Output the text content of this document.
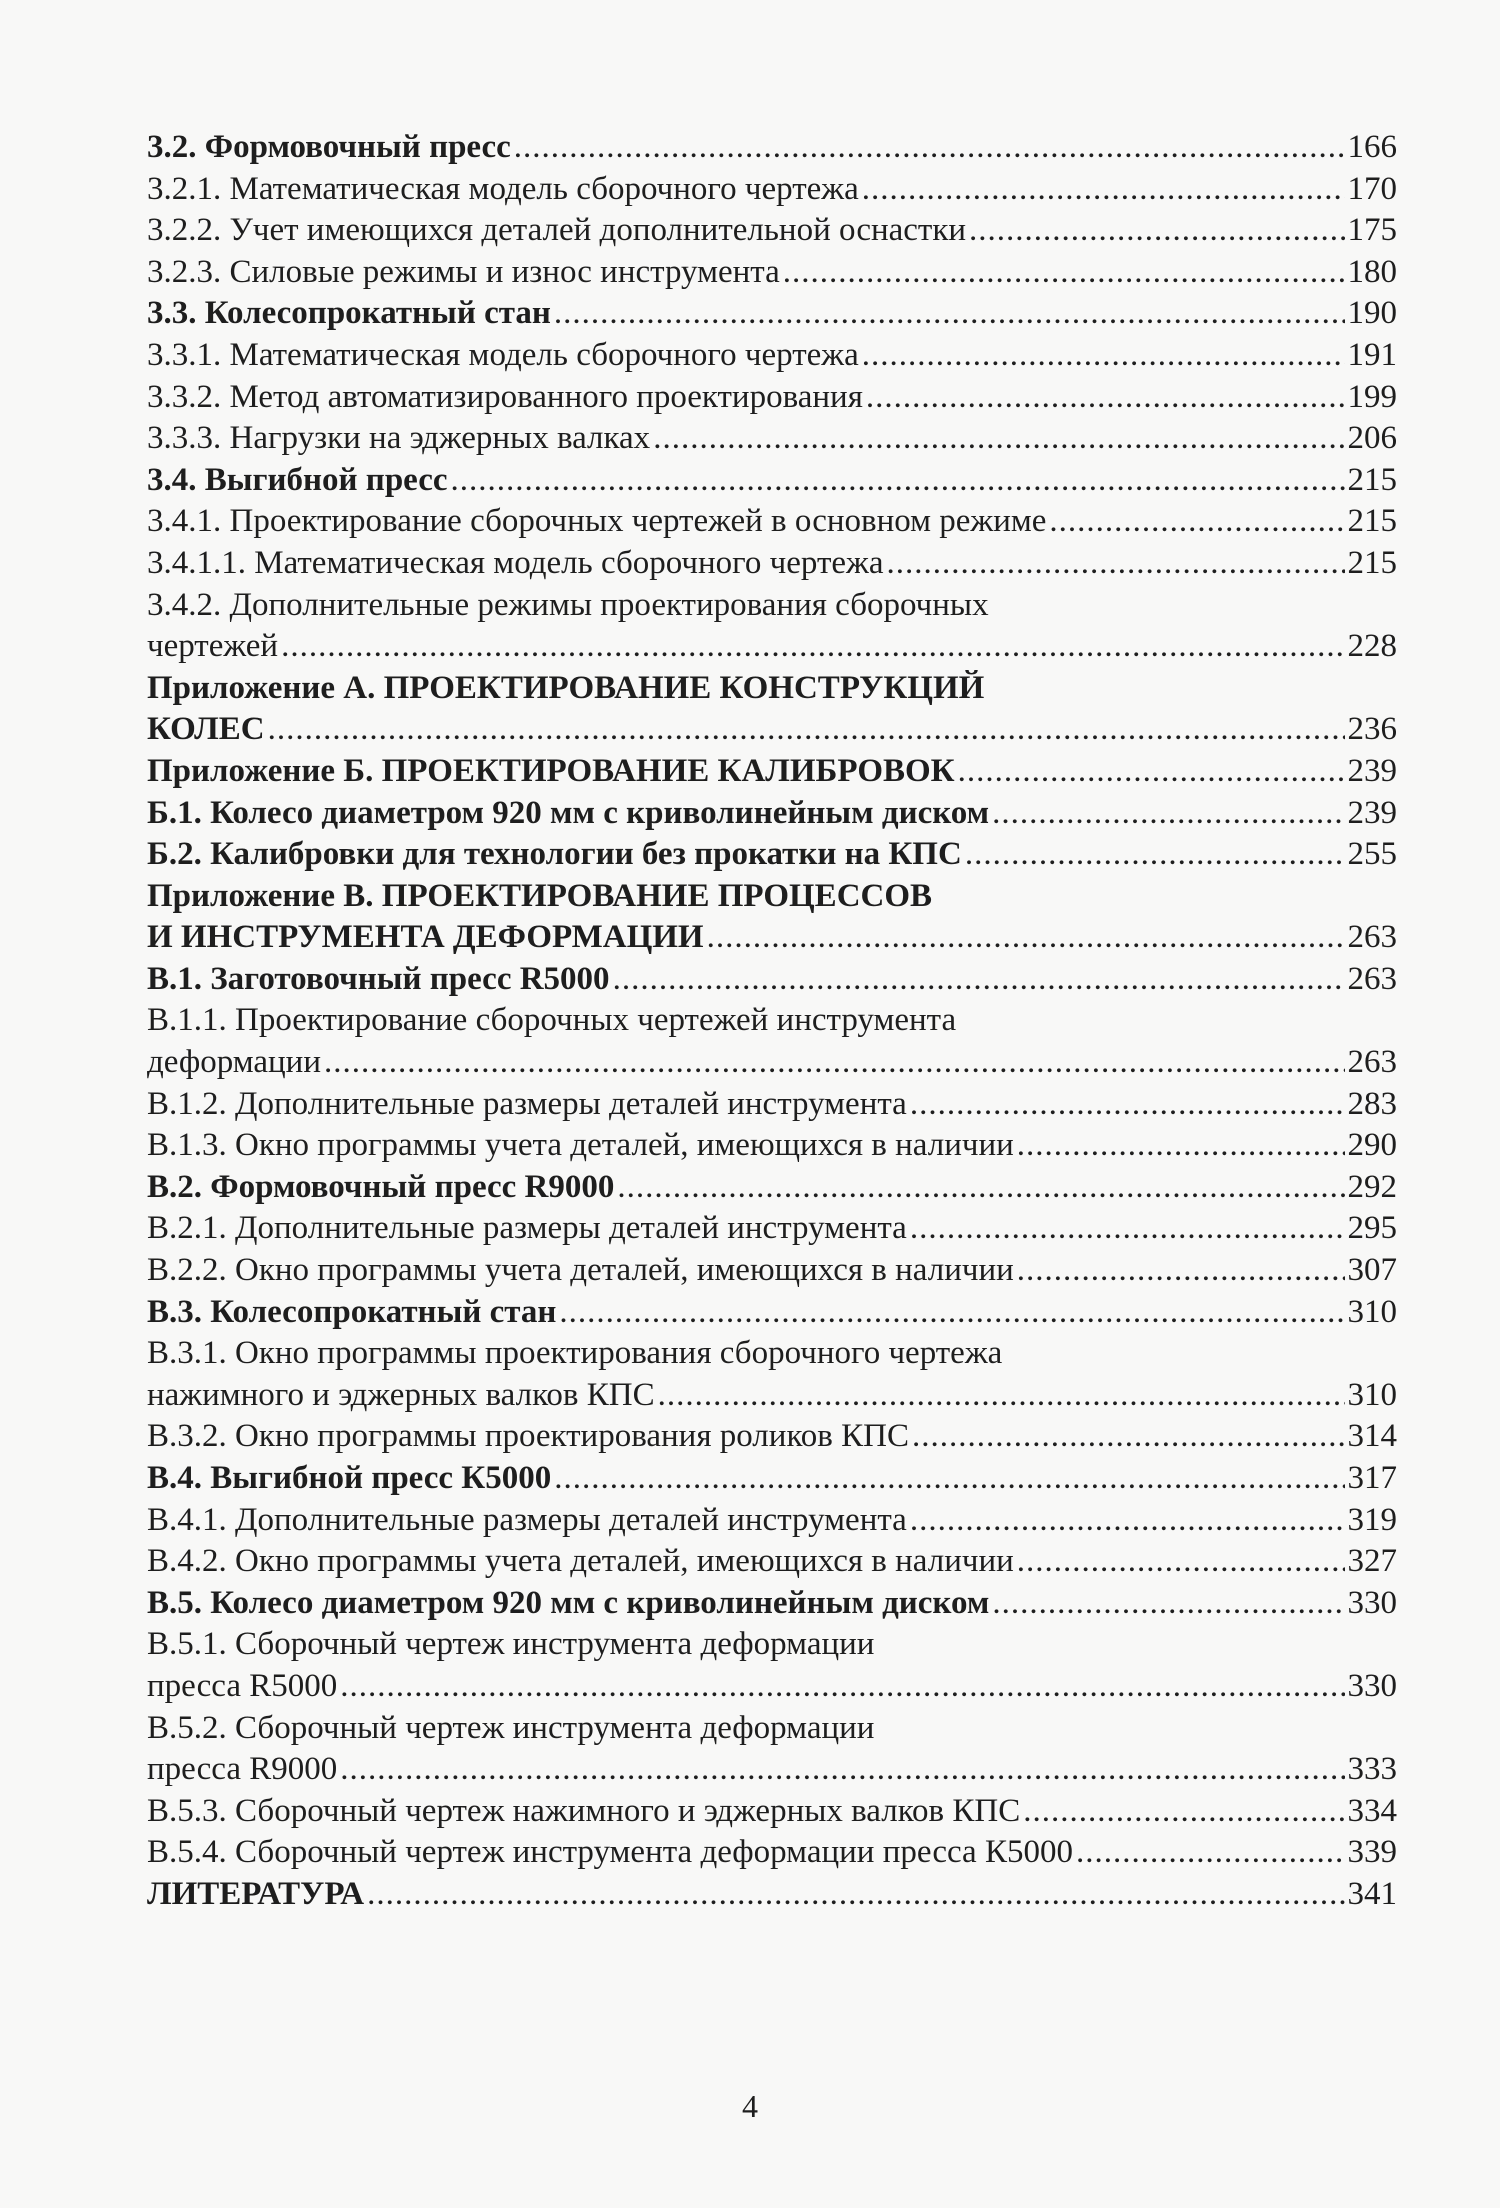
3.2. Формовочный пресс .....	166
3.2.1. Математическая модель сборочного чертежа .....	170
3.2.2. Учет имеющихся деталей дополнительной оснастки .....	175
3.2.3. Силовые режимы и износ инструмента .....	180
3.3. Колесопрокатный стан .....	190
3.3.1. Математическая модель сборочного чертежа .....	191
3.3.2. Метод автоматизированного проектирования .....	199
3.3.3. Нагрузки на эджерных валках .....	206
3.4. Выгибной пресс .....	215
3.4.1. Проектирование сборочных чертежей в основном режиме .....	215
3.4.1.1. Математическая модель сборочного чертежа .....	215
3.4.2. Дополнительные режимы проектирования сборочных
чертежей .....	228
Приложение А. ПРОЕКТИРОВАНИЕ КОНСТРУКЦИЙ
КОЛЕС .....	236
Приложение Б. ПРОЕКТИРОВАНИЕ КАЛИБРОВОК .....	239
Б.1. Колесо диаметром 920 мм с криволинейным диском .....	239
Б.2. Калибровки для технологии без прокатки на КПС .....	255
Приложение В. ПРОЕКТИРОВАНИЕ ПРОЦЕССОВ
И ИНСТРУМЕНТА ДЕФОРМАЦИИ .....	263
В.1. Заготовочный пресс R5000 .....	263
В.1.1. Проектирование сборочных чертежей инструмента
деформации .....	263
В.1.2. Дополнительные размеры деталей инструмента .....	283
В.1.3. Окно программы учета деталей, имеющихся в наличии .....	290
В.2. Формовочный пресс R9000 .....	292
В.2.1. Дополнительные размеры деталей инструмента .....	295
В.2.2. Окно программы учета деталей, имеющихся в наличии .....	307
В.3. Колесопрокатный стан .....	310
В.3.1. Окно программы проектирования сборочного чертежа
нажимного и эджерных валков КПС .....	310
В.3.2. Окно программы проектирования роликов КПС .....	314
В.4. Выгибной пресс К5000 .....	317
В.4.1. Дополнительные размеры деталей инструмента .....	319
В.4.2. Окно программы учета деталей, имеющихся в наличии .....	327
В.5. Колесо диаметром 920 мм с криволинейным диском .....	330
В.5.1. Сборочный чертеж инструмента деформации
пресса R5000 .....	330
В.5.2. Сборочный чертеж инструмента деформации
пресса R9000 .....	333
В.5.3. Сборочный чертеж нажимного и эджерных валков КПС .....	334
В.5.4. Сборочный чертеж инструмента деформации пресса К5000 .....	339
ЛИТЕРАТУРА .....	341
4
